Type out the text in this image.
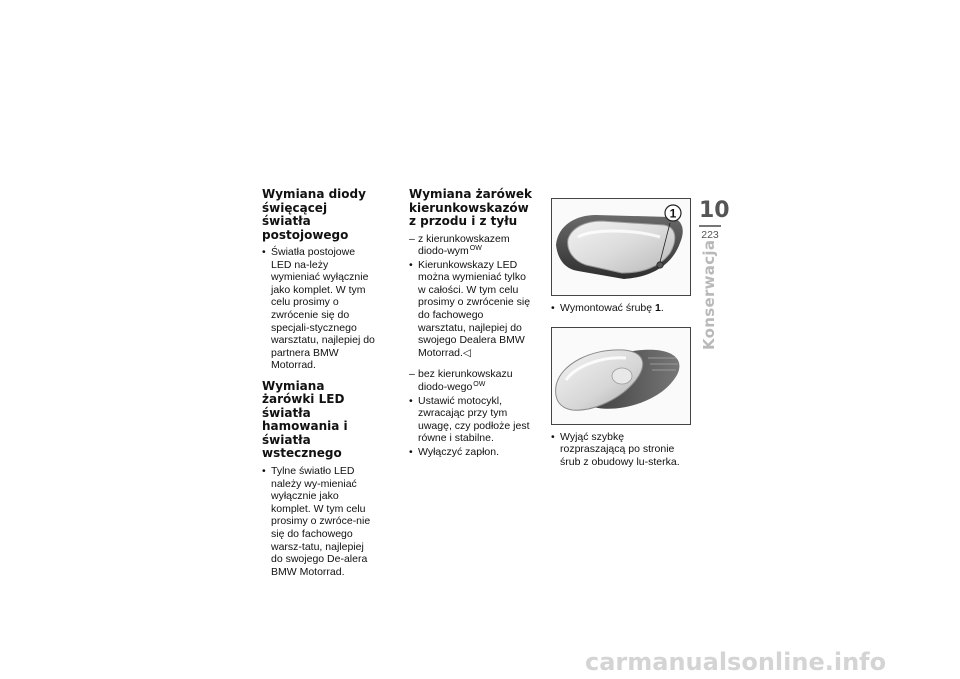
Wymiana diody święcącej światła postojowego
• Światła postojowe LED na-leży wymieniać wyłącznie jako komplet. W tym celu prosimy o zwrócenie się do specjali-stycznego warsztatu, najlepiej do partnera BMW Motorrad.
Wymiana żarówki LED światła hamowania i światła wstecznego
• Tylne światło LED należy wy-mieniać wyłącznie jako komplet. W tym celu prosimy o zwróce-nie się do fachowego warsz-tatu, najlepiej do swojego De-alera BMW Motorrad.
Wymiana żarówek kierunkowskazów z przodu i z tyłu
– z kierunkowskazem diodo-wym$^{OW}$
• Kierunkowskazy LED można wymieniać tylko w całości. W tym celu prosimy o zwrócenie się do fachowego warsztatu, najlepiej do swojego Dealera BMW Motorrad.◁
– bez kierunkowskazu diodo-wego$^{OW}$
• Ustawić motocykl, zwracając przy tym uwagę, czy podłoże jest równe i stabilne.
• Wyłączyć zapłon.
1
• Wymontować śrubę 1.
• Wyjąć szybkę rozpraszającą po stronie śrub z obudowy lu-sterka.
10
223
Konserwacja
carmanualsonline.info
